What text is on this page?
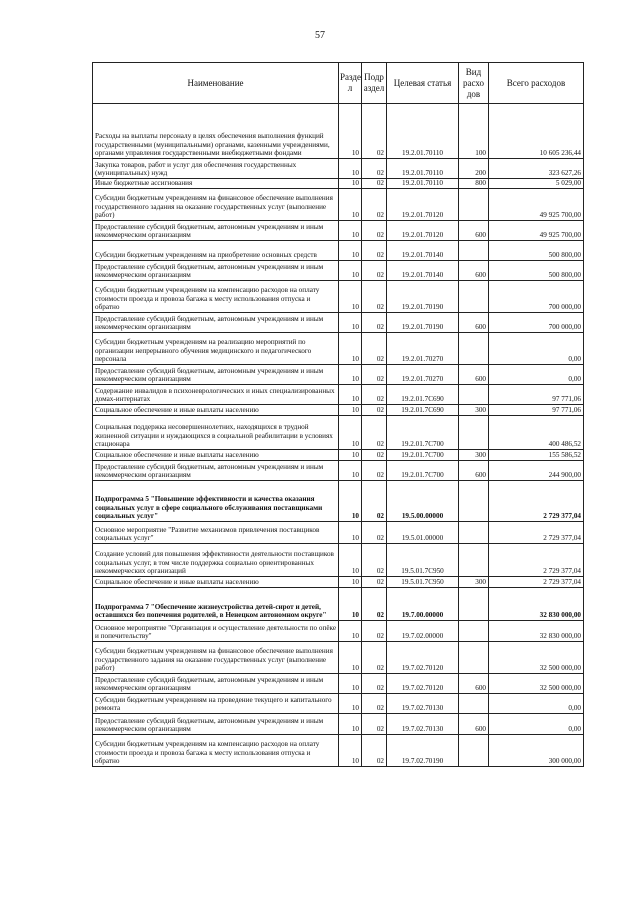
57
Наименование	Разде л	Подр аздел	Целевая статья	Вид расхо дов	Всего расходов
Расходы на выплаты персоналу в целях обеспечения выполнения функций государственными (муниципальными) органами, казенными учреждениями, органами управления государственными внебюджетными фондами	10	02	19.2.01.70110	100	10 605 236,44
Закупка товаров, работ и услуг для обеспечения государственных (муниципальных) нужд	10	02	19.2.01.70110	200	323 627,26
Иные бюджетные ассигнования	10	02	19.2.01.70110	800	5 029,00
Субсидии бюджетным учреждениям на финансовое обеспечение выполнения государственного задания на оказание государственных услуг (выполнение работ)	10	02	19.2.01.70120		49 925 700,00
Предоставление субсидий бюджетным, автономным учреждениям и иным некоммерческим организациям	10	02	19.2.01.70120	600	49 925 700,00
Субсидии бюджетным учреждениям на приобретение основных средств	10	02	19.2.01.70140		500 800,00
Предоставление субсидий бюджетным, автономным учреждениям и иным некоммерческим организациям	10	02	19.2.01.70140	600	500 800,00
Субсидии бюджетным учреждениям на компенсацию расходов на оплату стоимости проезда и провоза багажа к месту использования отпуска и обратно	10	02	19.2.01.70190		700 000,00
Предоставление субсидий бюджетным, автономным учреждениям и иным некоммерческим организациям	10	02	19.2.01.70190	600	700 000,00
Субсидии бюджетным учреждениям на реализацию мероприятий по организации непрерывного обучения медицинского и педагогического персонала	10	02	19.2.01.70270		0,00
Предоставление субсидий бюджетным, автономным учреждениям и иным некоммерческим организациям	10	02	19.2.01.70270	600	0,00
Содержание инвалидов в психоневрологических и иных специализированных домах-интернатах	10	02	19.2.01.7С690		97 771,06
Социальное обеспечение и иные выплаты населению	10	02	19.2.01.7С690	300	97 771,06
Социальная поддержка несовершеннолетних, находящихся в трудной жизненной ситуации и нуждающихся в социальной реабилитации в условиях стационара	10	02	19.2.01.7С700		400 486,52
Социальное обеспечение и иные выплаты населению	10	02	19.2.01.7С700	300	155 586,52
Предоставление субсидий бюджетным, автономным учреждениям и иным некоммерческим организациям	10	02	19.2.01.7С700	600	244 900,00
Подпрограмма 5 "Повышение эффективности и качества оказания социальных услуг в сфере социального обслуживания поставщиками социальных услуг"	10	02	19.5.00.00000		2 729 377,04
Основное мероприятие "Развитие механизмов привлечения поставщиков социальных услуг"	10	02	19.5.01.00000		2 729 377,04
Создание условий для повышения эффективности деятельности поставщиков социальных услуг, в том числе поддержка социально ориентированных некоммерческих организаций	10	02	19.5.01.7С950		2 729 377,04
Социальное обеспечение и иные выплаты населению	10	02	19.5.01.7С950	300	2 729 377,04
Подпрограмма 7 "Обеспечение жизнеустройства детей-сирот и детей, оставшихся без попечения родителей, в Ненецком автономном округе"	10	02	19.7.00.00000		32 830 000,00
Основное мероприятие "Организация и осуществление деятельности по опёке и попечительству"	10	02	19.7.02.00000		32 830 000,00
Субсидии бюджетным учреждениям на финансовое обеспечение выполнения государственного задания на оказание государственных услуг (выполнение работ)	10	02	19.7.02.70120		32 500 000,00
Предоставление субсидий бюджетным, автономным учреждениям и иным некоммерческим организациям	10	02	19.7.02.70120	600	32 500 000,00
Субсидии бюджетным учреждениям на проведение текущего и капитального ремонта	10	02	19.7.02.70130		0,00
Предоставление субсидий бюджетным, автономным учреждениям и иным некоммерческим организациям	10	02	19.7.02.70130	600	0,00
Субсидии бюджетным учреждениям на компенсацию расходов на оплату стоимости проезда и провоза багажа к месту использования отпуска и обратно	10	02	19.7.02.70190		300 000,00
